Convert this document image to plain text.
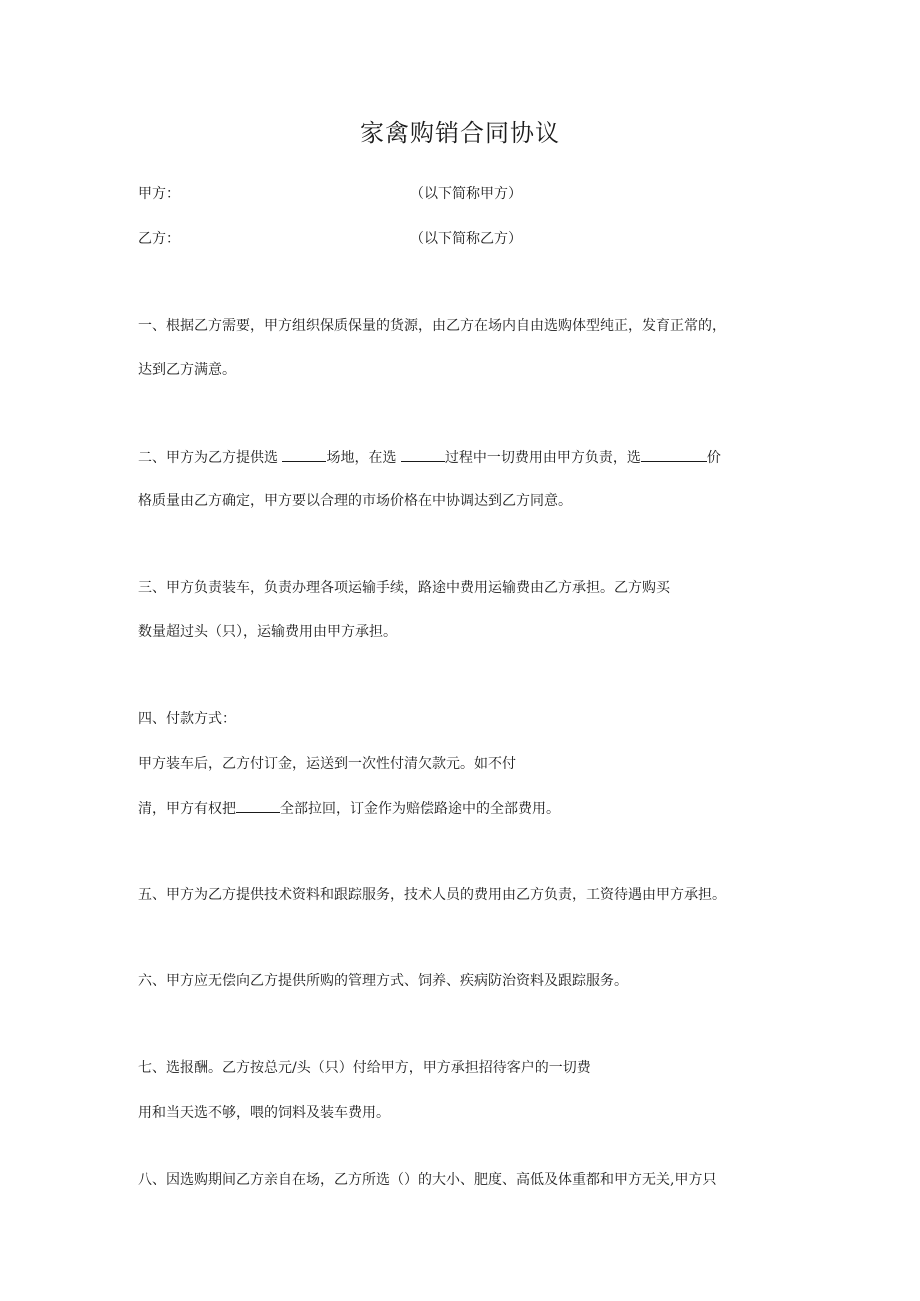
家禽购销合同协议
甲方：	（以下简称甲方）
乙方：	（以下简称乙方）
一、根据乙方需要，甲方组织保质保量的货源，由乙方在场内自由选购体型纯正，发育正常的，
达到乙方满意。
二、甲方为乙方提供选	场地，在选	过程中一切费用由甲方负责，选	价
格质量由乙方确定，甲方要以合理的市场价格在中协调达到乙方同意。
三、甲方负责装车，负责办理各项运输手续，路途中费用运输费由乙方承担。乙方购买
数量超过头（只），运输费用由甲方承担。
四、付款方式：
甲方装车后，乙方付订金，运送到一次性付清欠款元。如不付
清，甲方有权把	全部拉回，订金作为赔偿路途中的全部费用。
五、甲方为乙方提供技术资料和跟踪服务，技术人员的费用由乙方负责，工资待遇由甲方承担。
六、甲方应无偿向乙方提供所购的管理方式、饲养、疾病防治资料及跟踪服务。
七、选报酬。乙方按总元/头（只）付给甲方，甲方承担招待客户的一切费
用和当天选不够，喂的饲料及装车费用。
八、因选购期间乙方亲自在场，乙方所选（）的大小、肥度、高低及体重都和甲方无关,甲方只
